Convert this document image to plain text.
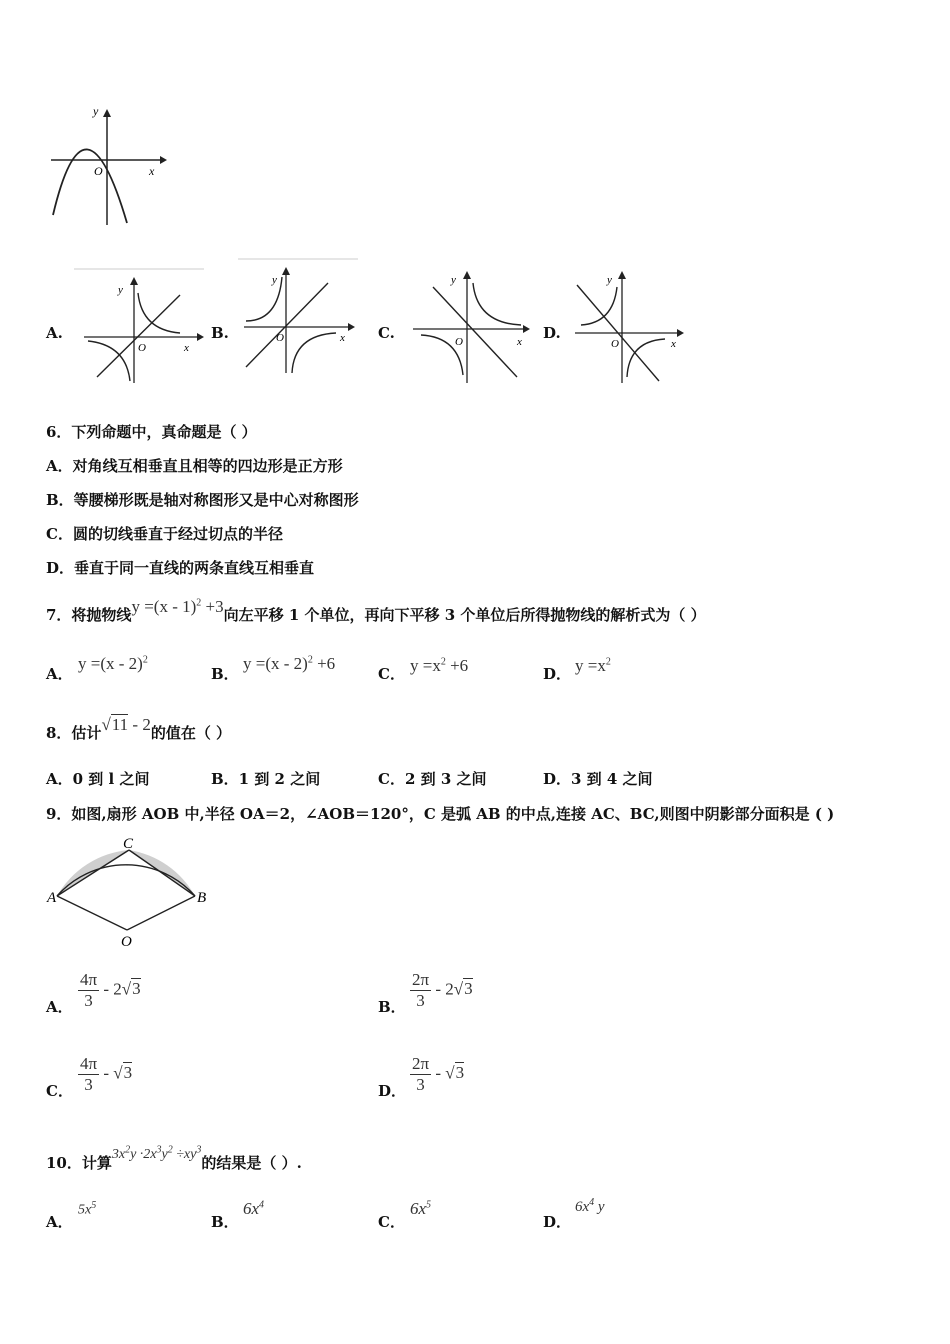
y
x
O
A.
y
x
O
B.
y
x
O	C.
y
x
O	D.
y
x
O
6．下列命题中，真命题是（ ）
A．对角线互相垂直且相等的四边形是正方形
B．等腰梯形既是轴对称图形又是中心对称图形
C．圆的切线垂直于经过切点的半径
D．垂直于同一直线的两条直线互相垂直
7．将抛物线y =(x - 1)$^2$ +3向左平移 1 个单位，再向下平移 3 个单位后所得抛物线的解析式为（ ）
A．
y =(x - 2)$^2$
B．
y =(x - 2)$^2$ +6
C． $y =x^2 +6$	D． $y =x^2$
8．估计√11 - 2的值在（ ）
A．0 到 l 之间	B．1 到 2 之间	C．2 到 3 之间	D．3 到 4 之间
9．如图,扇形 AOB 中,半径 OA＝2，∠AOB＝120°，C 是弧 AB 的中点,连接 AC、BC,则图中阴影部分面积是 ( )
A	B
C
O
A． $\frac{4\pi}{3} - 2√3$
B． $\frac{2\pi}{3} - 2√3$
C． $\frac{4\pi}{3} - √3$
D． $\frac{2\pi}{3} - √3$
10．计算$3x^2y \cdot 2x^3y^2 \div xy^3$的结果是（ ）.
A．
$5x^5$
B．
$6x^4$
C．
$6x^5$
D．
$6x^4$ y
